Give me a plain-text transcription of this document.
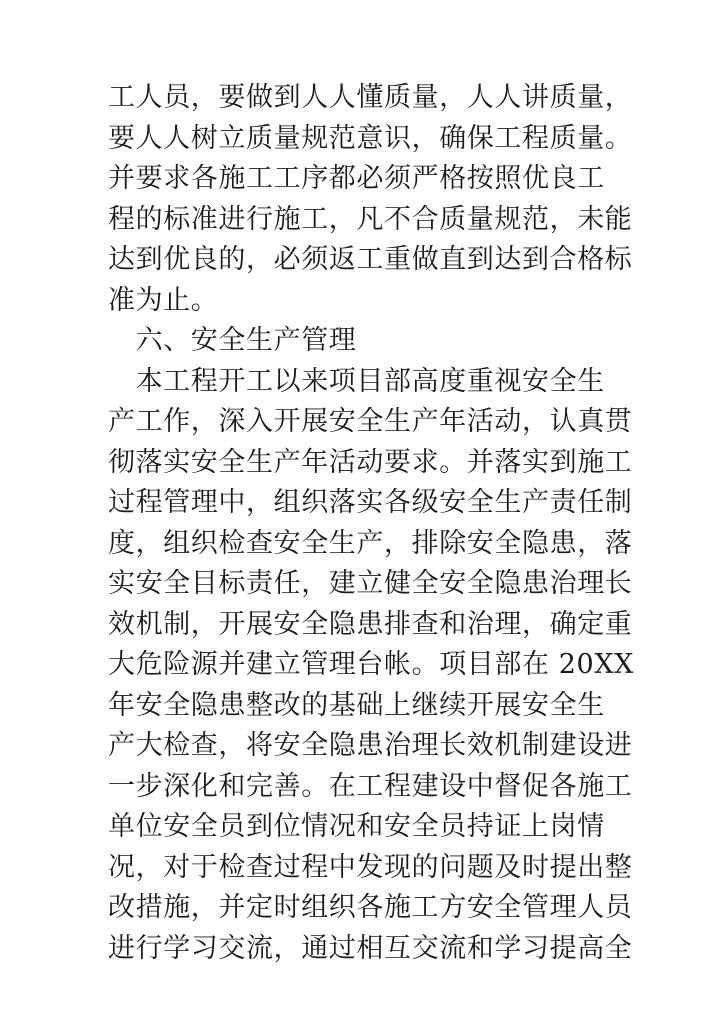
工人员，要做到人人懂质量，人人讲质量，
要人人树立质量规范意识，确保工程质量。
并要求各施工工序都必须严格按照优良工
程的标准进行施工，凡不合质量规范，未能
达到优良的，必须返工重做直到达到合格标
准为止。
　六、安全生产管理
　本工程开工以来项目部高度重视安全生
产工作，深入开展安全生产年活动，认真贯
彻落实安全生产年活动要求。并落实到施工
过程管理中，组织落实各级安全生产责任制
度，组织检查安全生产，排除安全隐患，落
实安全目标责任，建立健全安全隐患治理长
效机制，开展安全隐患排查和治理，确定重
大危险源并建立管理台帐。项目部在 20XX
年安全隐患整改的基础上继续开展安全生
产大检查，将安全隐患治理长效机制建设进
一步深化和完善。在工程建设中督促各施工
单位安全员到位情况和安全员持证上岗情
况，对于检查过程中发现的问题及时提出整
改措施，并定时组织各施工方安全管理人员
进行学习交流，通过相互交流和学习提高全
